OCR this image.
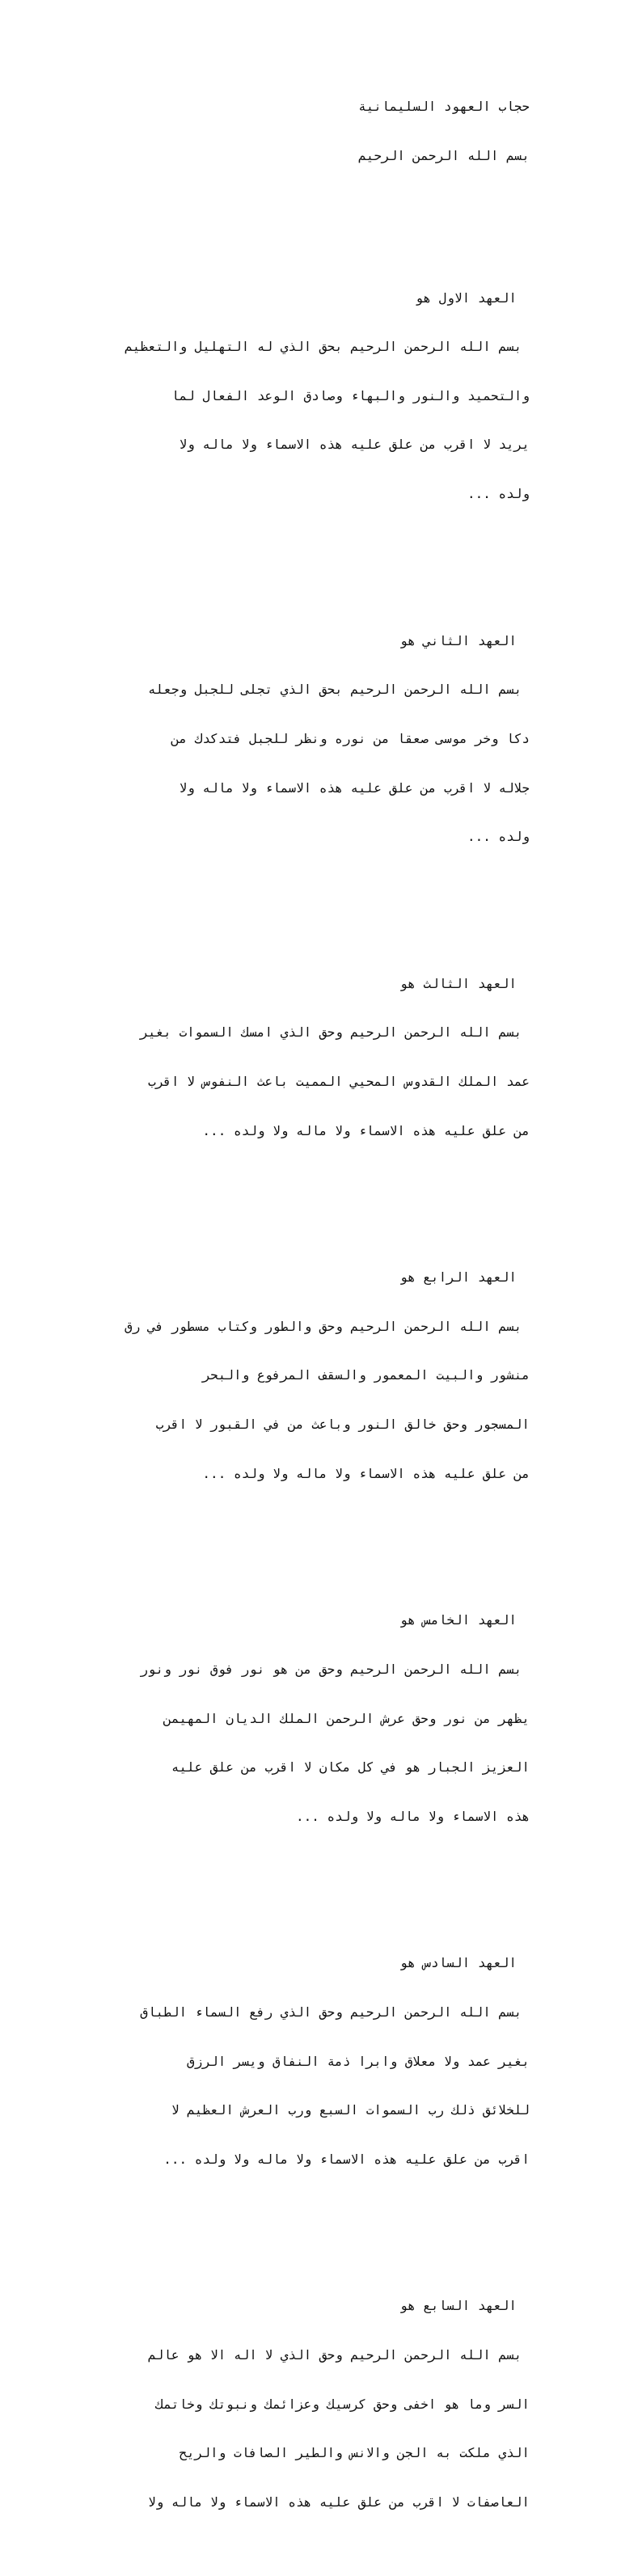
حجاب العهود السليمانية

بسم الله الرحمن الرحيم

العهد الاول هو

بسم الله الرحمن الرحيم بحق الذي له التهليل والتعظيم

والتحميد والنور والبهاء وصادق الوعد الفعال لما

يريد لا اقرب من علق عليه هذه الاسماء ولا ماله ولا

ولده ...

العهد الثاني هو

بسم الله الرحمن الرحيم بحق الذي تجلى للجبل وجعله

دكا وخر موسى صعقا من نوره ونظر للجبل فتدكدك من

جلاله لا اقرب من علق عليه هذه الاسماء ولا ماله ولا

ولده ...

العهد الثالث هو

بسم الله الرحمن الرحيم وحق الذي امسك السموات بغير

عمد الملك القدوس المحيي المميت باعث النفوس لا اقرب

من علق عليه هذه الاسماء ولا ماله ولا ولده ...

العهد الرابع هو

بسم الله الرحمن الرحيم وحق والطور وكتاب مسطور في رق

منشور والبيت المعمور والسقف المرفوع والبحر

المسجور وحق خالق النور وباعث من في القبور لا اقرب

من علق عليه هذه الاسماء ولا ماله ولا ولده ...

العهد الخامس هو

بسم الله الرحمن الرحيم وحق من هو نور فوق نور ونور

يظهر من نور وحق عرش الرحمن الملك الديان المهيمن

العزيز الجبار هو في كل مكان لا اقرب من علق عليه

هذه الاسماء ولا ماله ولا ولده ...

العهد السادس هو

بسم الله الرحمن الرحيم وحق الذي رفع السماء الطباق

بغير عمد ولا معلاق وابرا ذمة النفاق ويسر الرزق

للخلائق ذلك رب السموات السبع ورب العرش العظيم لا

اقرب من علق عليه هذه الاسماء ولا ماله ولا ولده ...

العهد السابع هو

بسم الله الرحمن الرحيم وحق الذي لا اله الا هو عالم

السر وما هو اخفى وحق كرسيك وعزائمك ونبوتك وخاتمك

الذي ملكت به الجن والانس والطير الصافات والريح

العاصفات لا اقرب من علق عليه هذه الاسماء ولا ماله ولا
